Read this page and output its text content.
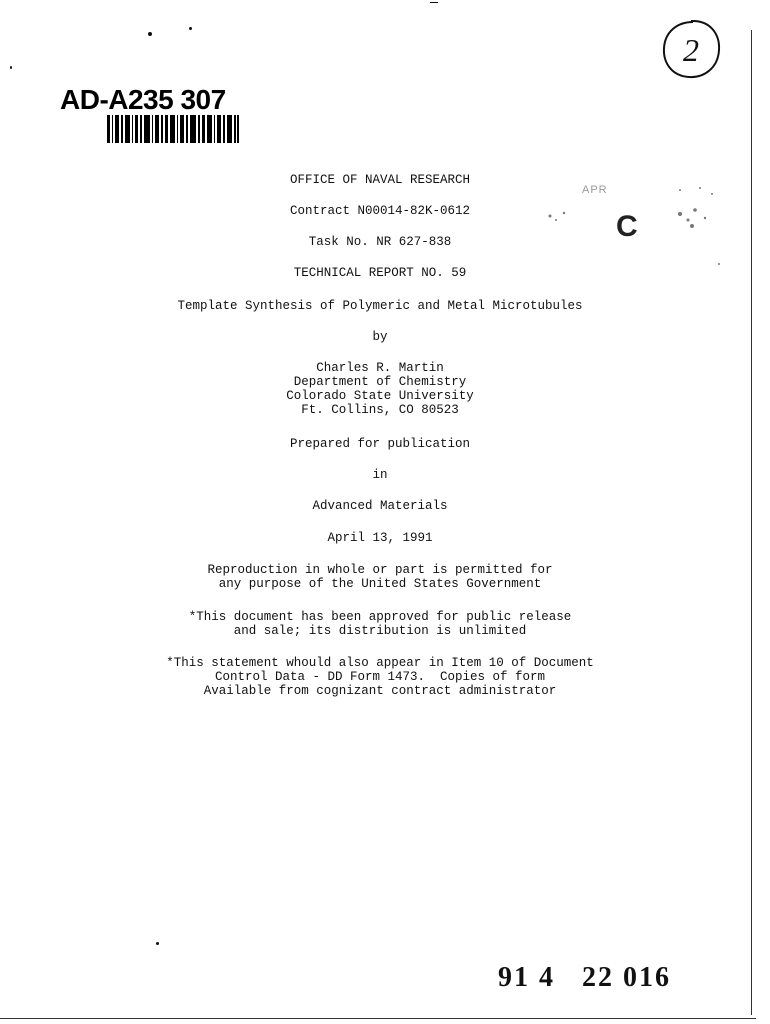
AD-A235 307
2
APR
C
OFFICE OF NAVAL RESEARCH
Contract N00014-82K-0612
Task No. NR 627-838
TECHNICAL REPORT NO. 59
Template Synthesis of Polymeric and Metal Microtubules
by
Charles R. Martin
Department of Chemistry
Colorado State University
Ft. Collins, CO 80523
Prepared for publication
in
Advanced Materials
April 13, 1991
Reproduction in whole or part is permitted for
any purpose of the United States Government
*This document has been approved for public release
and sale; its distribution is unlimited
*This statement whould also appear in Item 10 of Document
Control Data - DD Form 1473.  Copies of form
Available from cognizant contract administrator
91 4   22 016
